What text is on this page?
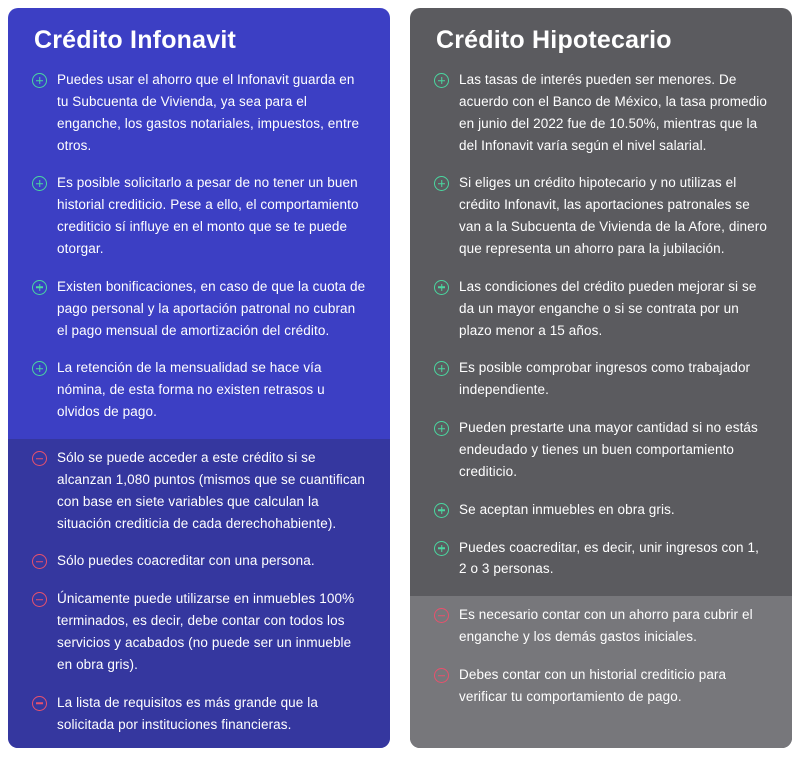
Crédito Infonavit
Puedes usar el ahorro que el Infonavit guarda en tu Subcuenta de Vivienda, ya sea para el enganche, los gastos notariales, impuestos, entre otros.
Es posible solicitarlo a pesar de no tener un buen historial crediticio. Pese a ello, el comportamiento crediticio sí influye en el monto que se te puede otorgar.
Existen bonificaciones, en caso de que la cuota de pago personal y la aportación patronal no cubran el pago mensual de amortización del crédito.
La retención de la mensualidad se hace vía nómina, de esta forma no existen retrasos u olvidos de pago.
Sólo se puede acceder a este crédito si se alcanzan 1,080 puntos (mismos que se cuantifican con base en siete variables que calculan la situación crediticia de cada derechohabiente).
Sólo puedes coacreditar con una persona.
Únicamente puede utilizarse en inmuebles 100% terminados, es decir, debe contar con todos los servicios y acabados (no puede ser un inmueble en obra gris).
La lista de requisitos es más grande que la solicitada por instituciones financieras.
Crédito Hipotecario
Las tasas de interés pueden ser menores. De acuerdo con el Banco de México, la tasa promedio en junio del 2022 fue de 10.50%, mientras que la del Infonavit varía según el nivel salarial.
Si eliges un crédito hipotecario y no utilizas el crédito Infonavit, las aportaciones patronales se van a la Subcuenta de Vivienda de la Afore, dinero que representa un ahorro para la jubilación.
Las condiciones del crédito pueden mejorar si se da un mayor enganche o si se contrata por un plazo menor a 15 años.
Es posible comprobar ingresos como trabajador independiente.
Pueden prestarte una mayor cantidad si no estás endeudado y tienes un buen comportamiento crediticio.
Se aceptan inmuebles en obra gris.
Puedes coacreditar, es decir, unir ingresos con 1, 2 o 3 personas.
Es necesario contar con un ahorro para cubrir el enganche y los demás gastos iniciales.
Debes contar con un historial crediticio para verificar tu comportamiento de pago.
